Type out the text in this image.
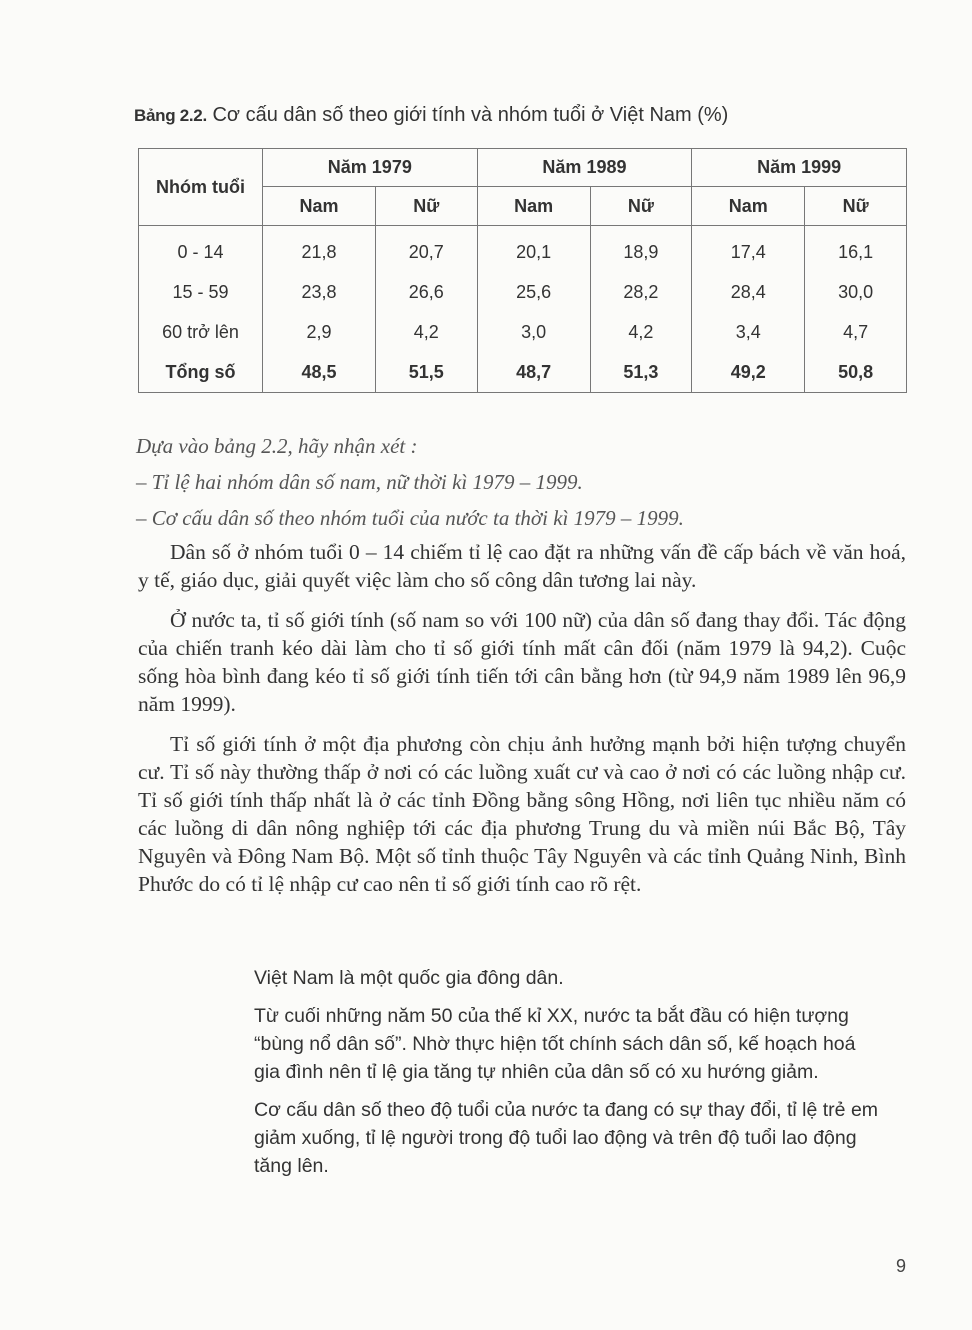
Bảng 2.2. Cơ cấu dân số theo giới tính và nhóm tuổi ở Việt Nam (%)
Nhóm tuổi	Năm 1979		Năm 1989		Năm 1999	
	Nam	Nữ	Nam	Nữ	Nam	Nữ
0 - 14	21,8	20,7	20,1	18,9	17,4	16,1
15 - 59	23,8	26,6	25,6	28,2	28,4	30,0
60 trở lên	2,9	4,2	3,0	4,2	3,4	4,7
Tổng số	48,5	51,5	48,7	51,3	49,2	50,8
Dựa vào bảng 2.2, hãy nhận xét :
– Tỉ lệ hai nhóm dân số nam, nữ thời kì 1979 – 1999.
– Cơ cấu dân số theo nhóm tuổi của nước ta thời kì 1979 – 1999.

Dân số ở nhóm tuổi 0 – 14 chiếm tỉ lệ cao đặt ra những vấn đề cấp bách về văn hoá, y tế, giáo dục, giải quyết việc làm cho số công dân tương lai này.

Ở nước ta, tỉ số giới tính (số nam so với 100 nữ) của dân số đang thay đổi. Tác động của chiến tranh kéo dài làm cho tỉ số giới tính mất cân đối (năm 1979 là 94,2). Cuộc sống hòa bình đang kéo tỉ số giới tính tiến tới cân bằng hơn (từ 94,9 năm 1989 lên 96,9 năm 1999).

Tỉ số giới tính ở một địa phương còn chịu ảnh hưởng mạnh bởi hiện tượng chuyển cư. Tỉ số này thường thấp ở nơi có các luồng xuất cư và cao ở nơi có các luồng nhập cư. Tỉ số giới tính thấp nhất là ở các tỉnh Đồng bằng sông Hồng, nơi liên tục nhiều năm có các luồng di dân nông nghiệp tới các địa phương Trung du và miền núi Bắc Bộ, Tây Nguyên và Đông Nam Bộ. Một số tỉnh thuộc Tây Nguyên và các tỉnh Quảng Ninh, Bình Phước do có tỉ lệ nhập cư cao nên tỉ số giới tính cao rõ rệt.

Việt Nam là một quốc gia đông dân.

Từ cuối những năm 50 của thế kỉ XX, nước ta bắt đầu có hiện tượng “bùng nổ dân số”. Nhờ thực hiện tốt chính sách dân số, kế hoạch hoá gia đình nên tỉ lệ gia tăng tự nhiên của dân số có xu hướng giảm.

Cơ cấu dân số theo độ tuổi của nước ta đang có sự thay đổi, tỉ lệ trẻ em giảm xuống, tỉ lệ người trong độ tuổi lao động và trên độ tuổi lao động tăng lên.

9
